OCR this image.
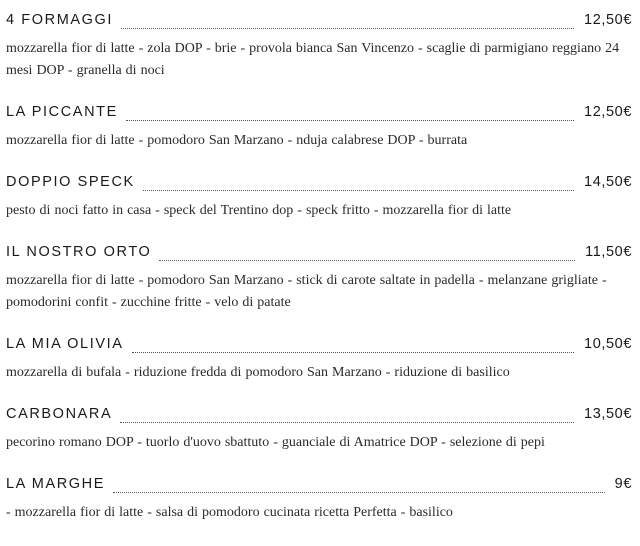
4 FORMAGGI	12,50€
mozzarella fior di latte - zola DOP - brie - provola bianca San Vincenzo - scaglie di parmigiano reggiano 24 mesi DOP - granella di noci
LA PICCANTE	12,50€
mozzarella fior di latte - pomodoro San Marzano - nduja calabrese DOP - burrata
DOPPIO SPECK	14,50€
pesto di noci fatto in casa - speck del Trentino dop - speck fritto - mozzarella fior di latte
IL NOSTRO ORTO	11,50€
mozzarella fior di latte - pomodoro San Marzano - stick di carote saltate in padella - melanzane grigliate - pomodorini confit - zucchine fritte - velo di patate
LA MIA OLIVIA	10,50€
mozzarella di bufala - riduzione fredda di pomodoro San Marzano - riduzione di basilico
CARBONARA	13,50€
pecorino romano DOP - tuorlo d'uovo sbattuto - guanciale di Amatrice DOP - selezione di pepi
LA MARGHE	9€
- mozzarella fior di latte - salsa di pomodoro cucinata ricetta Perfetta - basilico
